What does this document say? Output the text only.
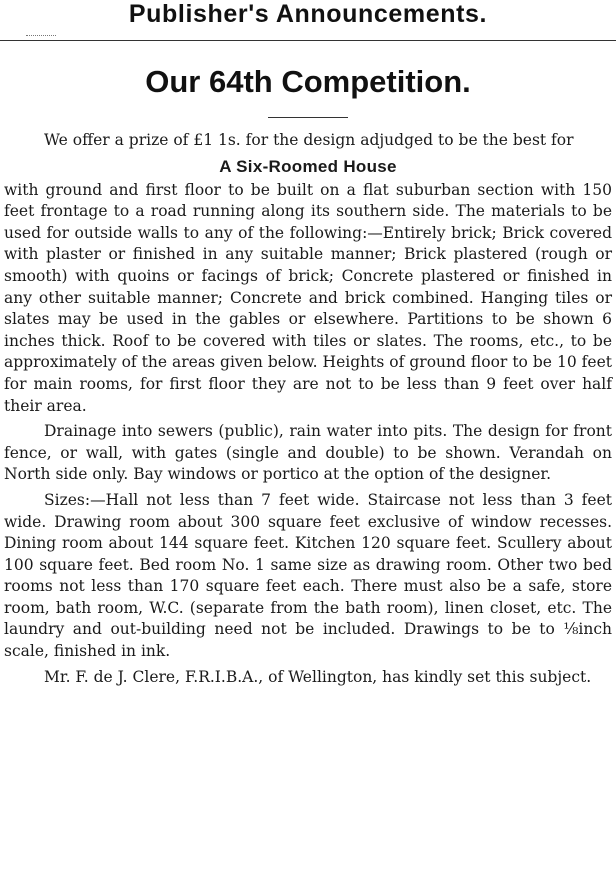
Publisher's Announcements.
Our 64th Competition.

We offer a prize of £1 1s. for the design adjudged to be the best for

A Six-Roomed House

with ground and first floor to be built on a flat suburban section with 150 feet frontage to a road running along its southern side. The materials to be used for outside walls to any of the following:—Entirely brick; Brick covered with plaster or finished in any suitable manner; Brick plastered (rough or smooth) with quoins or facings of brick; Concrete plastered or finished in any other suitable manner; Concrete and brick combined. Hanging tiles or slates may be used in the gables or elsewhere. Partitions to be shown 6 inches thick. Roof to be covered with tiles or slates. The rooms, etc., to be approximately of the areas given below. Heights of ground floor to be 10 feet for main rooms, for first floor they are not to be less than 9 feet over half their area.

Drainage into sewers (public), rain water into pits. The design for front fence, or wall, with gates (single and double) to be shown. Verandah on North side only. Bay windows or portico at the option of the designer.

Sizes:—Hall not less than 7 feet wide. Staircase not less than 3 feet wide. Drawing room about 300 square feet exclusive of window recesses. Dining room about 144 square feet. Kitchen 120 square feet. Scullery about 100 square feet. Bed room No. 1 same size as drawing room. Other two bed rooms not less than 170 square feet each. There must also be a safe, store room, bath room, W.C. (separate from the bath room), linen closet, etc. The laundry and out-building need not be included. Drawings to be to ⅛inch scale, finished in ink.

Mr. F. de J. Clere, F.R.I.B.A., of Wellington, has kindly set this subject.
